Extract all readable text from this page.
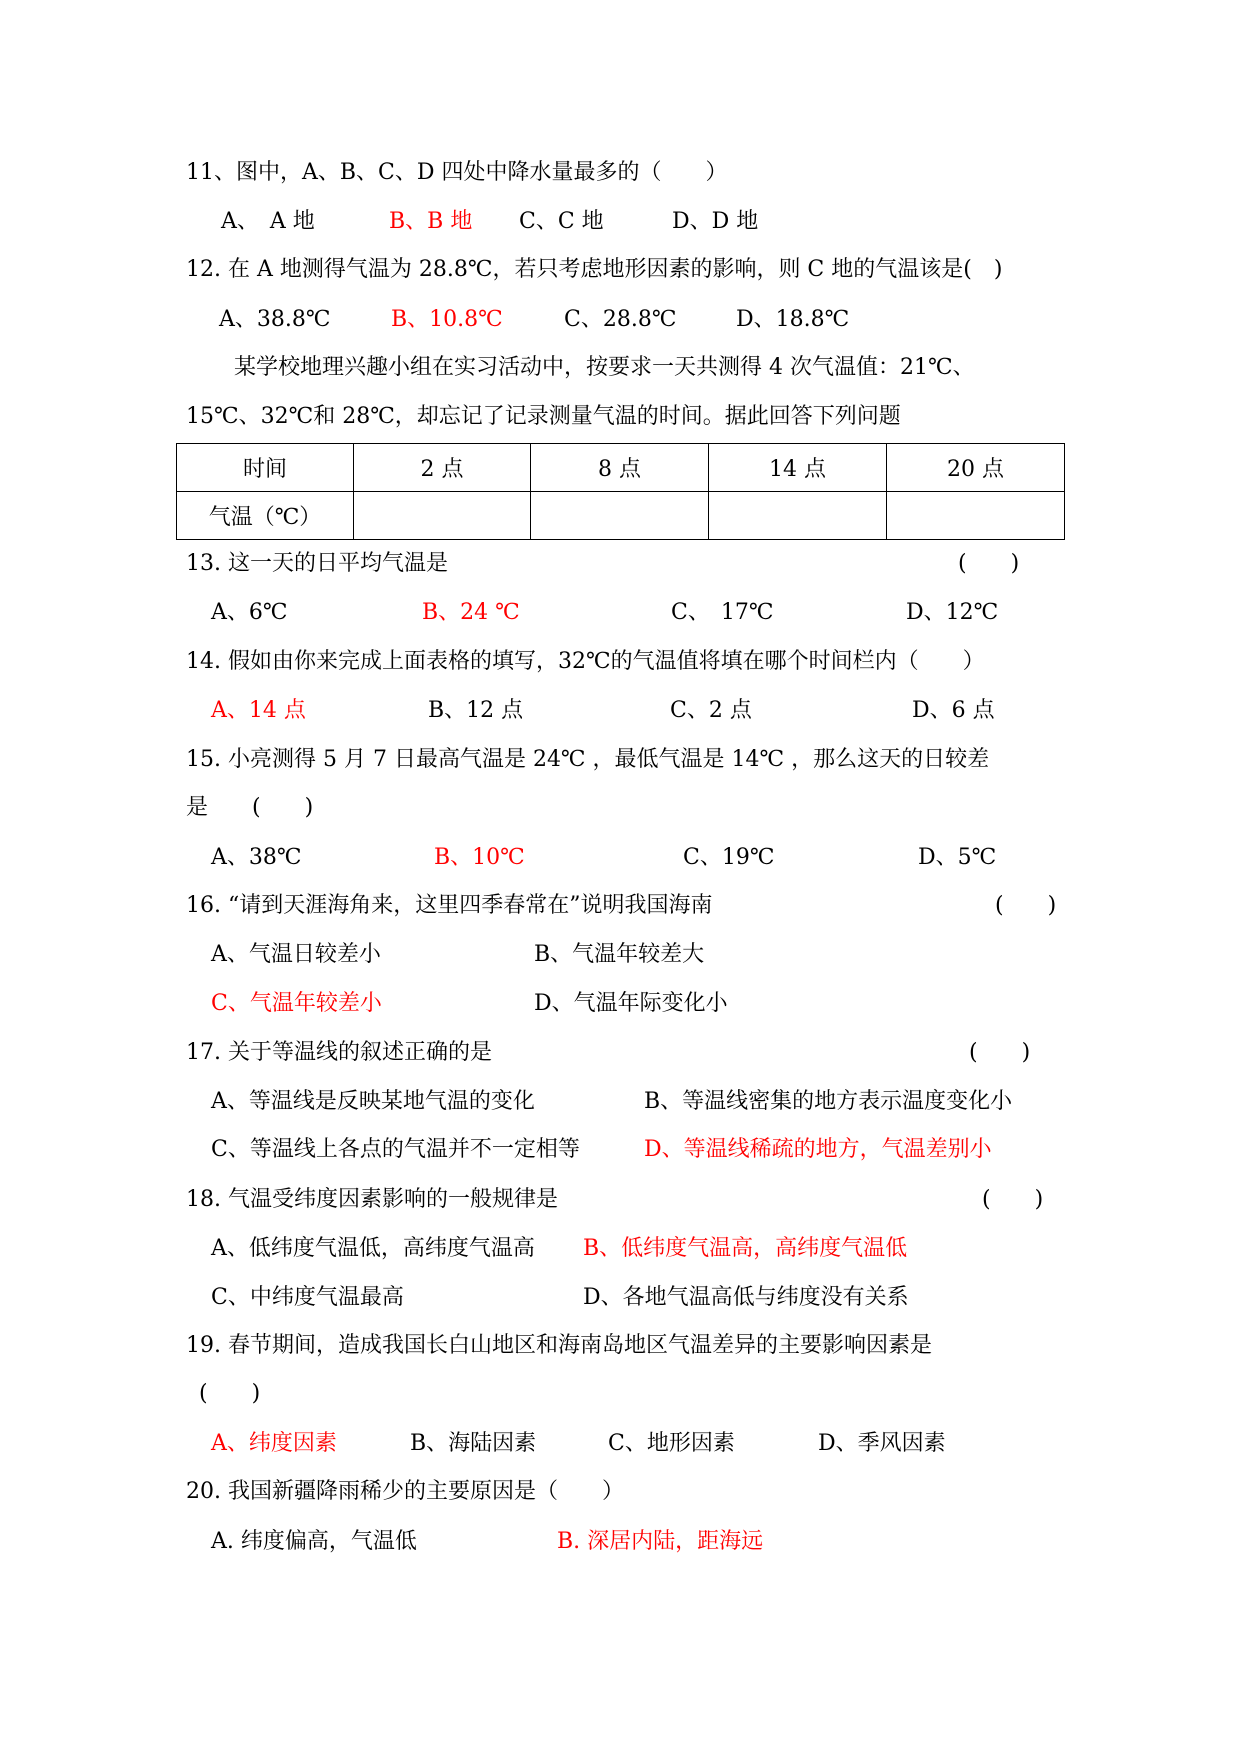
11、图中，A、B、C、D 四处中降水量最多的（　　）

A、　A 地

	B、B 地

C、C 地

	D、D 地

12. 在 A 地测得气温为 28.8℃，若只考虑地形因素的影响，则 C 地的气温该是(　)

A、38.8℃

	B、10.8℃

	C、28.8℃

	D、18.8℃

某学校地理兴趣小组在实习活动中，按要求一天共测得 4 次气温值：21℃、

15℃、32℃和 28℃，却忘记了记录测量气温的时间。据此回答下列问题

时间	2 点	8 点	14 点	20 点
气温（℃）				

13. 这一天的日平均气温是

	(　　)

A、6℃

	B、24 ℃

	C、　17℃

	D、12℃

14. 假如由你来完成上面表格的填写，32℃的气温值将填在哪个时间栏内（　　）

A、14 点

	B、12 点

	C、2 点

	D、6 点

15. 小亮测得 5 月 7 日最高气温是 24℃ ，最低气温是 14℃ ，那么这天的日较差

是　　(　　)

A、38℃

	B、10℃

	C、19℃

	D、5℃

16. “请到天涯海角来，这里四季春常在”说明我国海南

	(　　)

A、气温日较差小

	B、气温年较差大

C、气温年较差小

	D、气温年际变化小

17. 关于等温线的叙述正确的是

	(　　)

A、等温线是反映某地气温的变化

	B、等温线密集的地方表示温度变化小

C、等温线上各点的气温并不一定相等

	D、等温线稀疏的地方，气温差别小

18. 气温受纬度因素影响的一般规律是

	(　　)

A、低纬度气温低，高纬度气温高

B、低纬度气温高，高纬度气温低

C、中纬度气温最高

	D、各地气温高低与纬度没有关系

19. 春节期间，造成我国长白山地区和海南岛地区气温差异的主要影响因素是

(　　)

A、纬度因素

	B、海陆因素

	C、地形因素

	D、季风因素

20. 我国新疆降雨稀少的主要原因是（　　）

A. 纬度偏高，气温低

	B. 深居内陆，距海远
